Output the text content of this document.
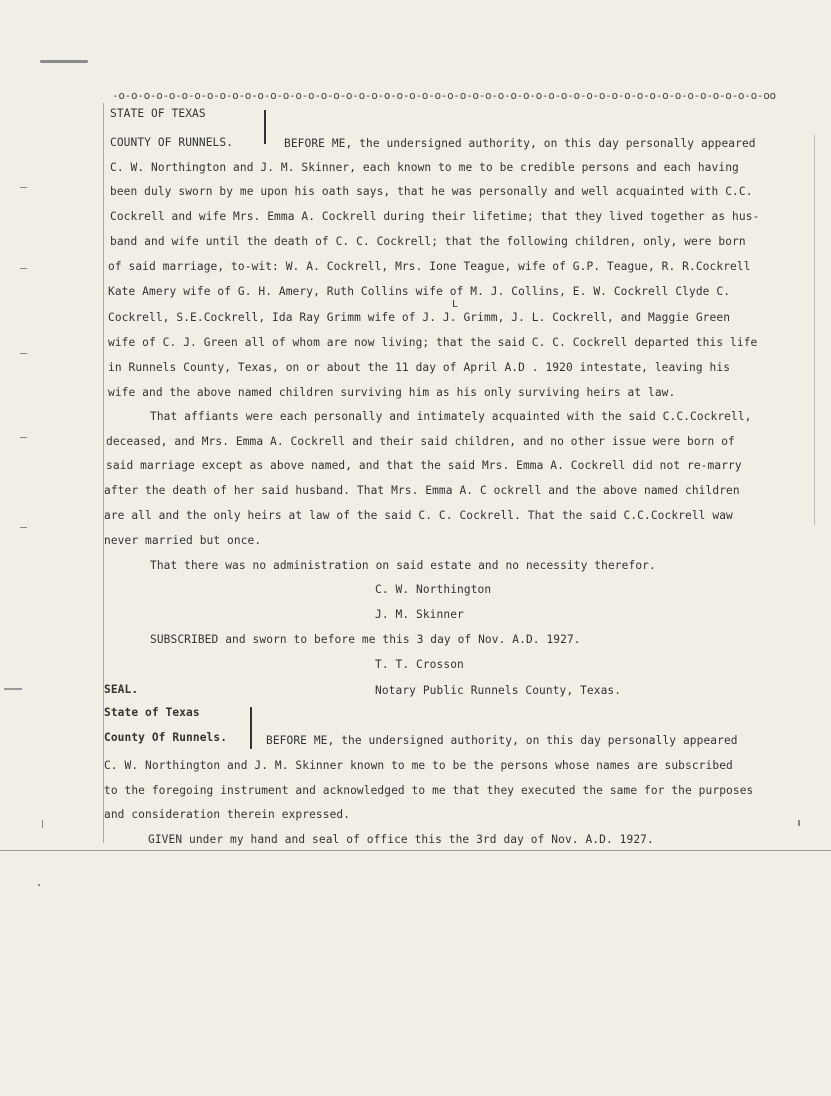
-o-o-o-o-o-o-o-o-o-o-o-o-o-o-o-o-o-o-o-o-o-o-o-o-o-o-o-o-o-o-o-o-o-o-o-o-o-o-o-o-o-o-o-o-o-o-o-o-o-o-o-oo
STATE OF TEXAS
COUNTY OF RUNNELS.	BEFORE ME, the undersigned authority, on this day personally appeared
C. W. Northington and J. M. Skinner, each known to me to be credible persons and each having
been duly sworn by me upon his oath says, that he was personally and well acquainted with C.C.
Cockrell and wife Mrs. Emma A. Cockrell during their lifetime; that they lived together as hus-
band and wife until the death of C. C. Cockrell; that the following children, only, were born
of said marriage, to-wit: W. A. Cockrell, Mrs. Ione Teague, wife of G.P. Teague, R. R.Cockrell
Kate Amery wife of G. H. Amery, Ruth Collins wife of M. J. Collins, E. W. Cockrell Clyde C.
L
Cockrell, S.E.Cockrell, Ida Ray Grimm wife of J. J. Grimm, J. L. Cockrell, and Maggie Green
wife of C. J. Green all of whom are now living; that the said C. C. Cockrell departed this life
in Runnels County, Texas, on or about the 11 day of April A.D . 1920 intestate, leaving his
wife and the above named children surviving him as his only surviving heirs at law.
That affiants were each personally and intimately acquainted with the said C.C.Cockrell,
deceased, and Mrs. Emma A. Cockrell and their said children, and no other issue were born of
said marriage except as above named, and that the said Mrs. Emma A. Cockrell did not re-marry
after the death of her said husband. That Mrs. Emma A. C ockrell and the above named children
are all and the only heirs at law of the said C. C. Cockrell. That the said C.C.Cockrell waw
never married but once.
That there was no administration on said estate and no necessity therefor.
C. W. Northington
J. M. Skinner
SUBSCRIBED and sworn to before me this 3 day of Nov. A.D. 1927.
T. T. Crosson
SEAL.	Notary Public Runnels County, Texas.
State of Texas
County Of Runnels.	BEFORE ME, the undersigned authority, on this day personally appeared
C. W. Northington and J. M. Skinner known to me to be the persons whose names are subscribed
to the foregoing instrument and acknowledged to me that they executed the same for the purposes
and consideration therein expressed.
GIVEN under my hand and seal of office this the 3rd day of Nov. A.D. 1927.
